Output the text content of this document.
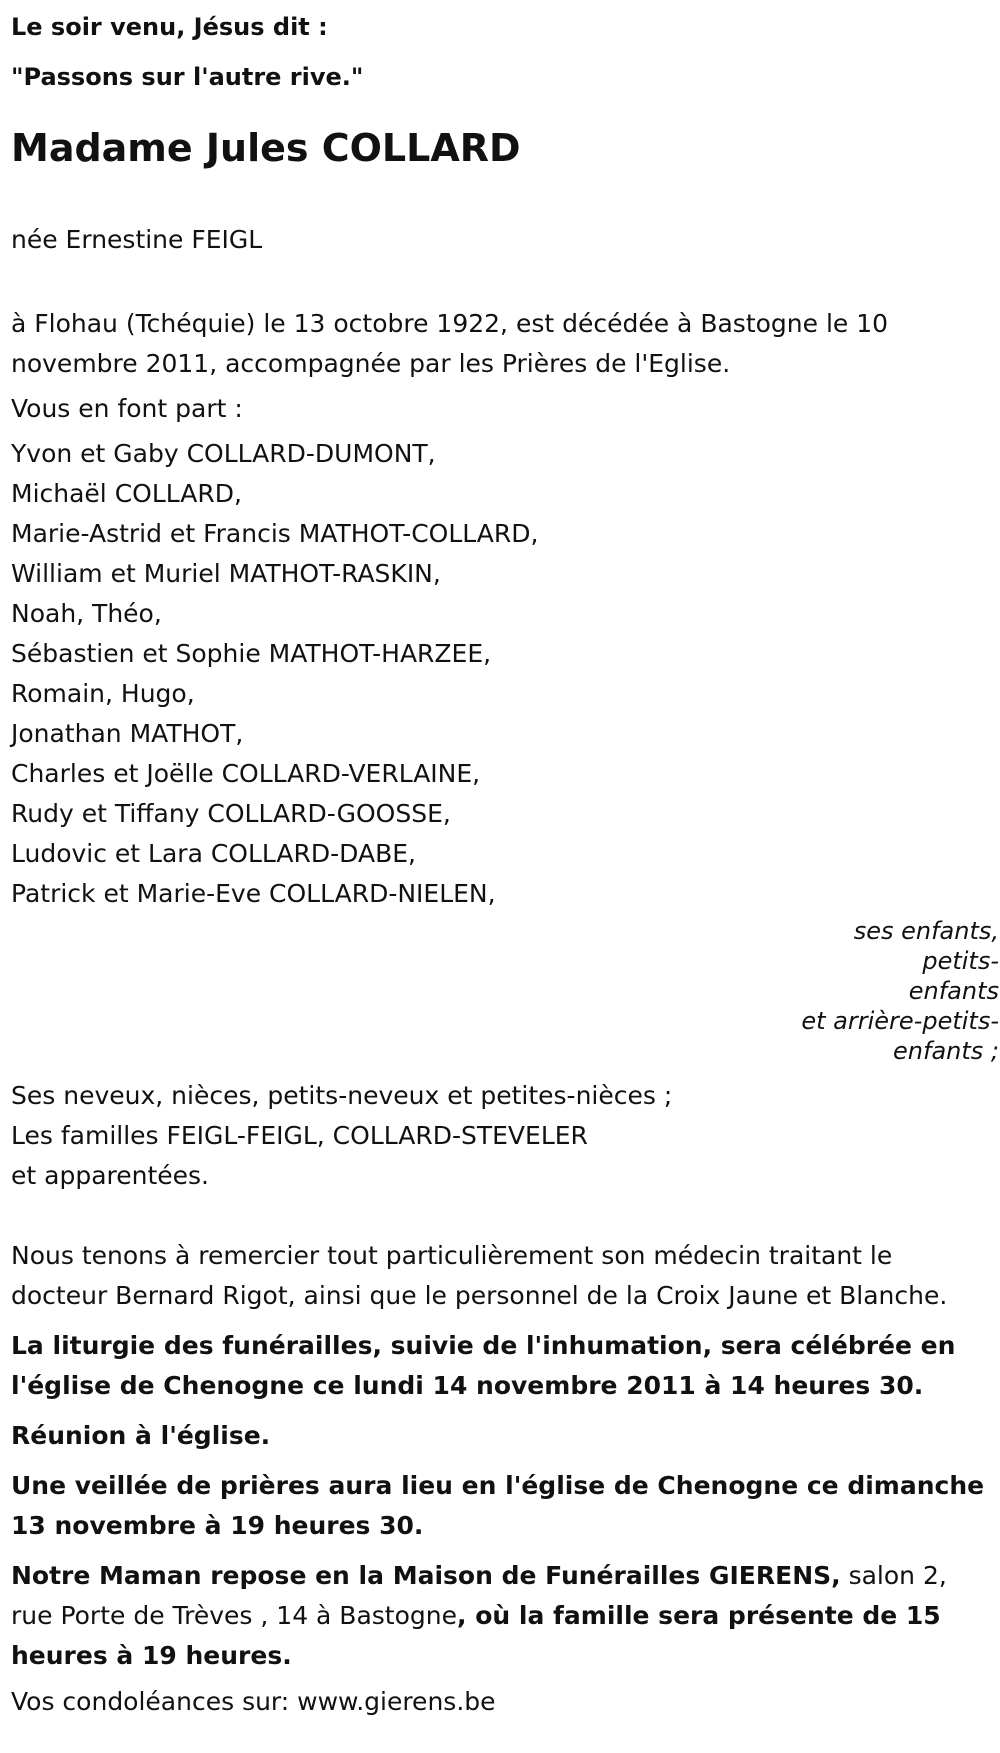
Le soir venu, Jésus dit :

"Passons sur l'autre rive."

Madame Jules COLLARD

née Ernestine FEIGL

à Flohau (Tchéquie) le 13 octobre 1922, est décédée à Bastogne le 10 novembre 2011, accompagnée par les Prières de l'Eglise.

Vous en font part :

Yvon et Gaby COLLARD-DUMONT,
Michaël COLLARD,
Marie-Astrid et Francis MATHOT-COLLARD,
William et Muriel MATHOT-RASKIN,
Noah, Théo,
Sébastien et Sophie MATHOT-HARZEE,
Romain, Hugo,
Jonathan MATHOT,
Charles et Joëlle COLLARD-VERLAINE,
Rudy et Tiffany COLLARD-GOOSSE,
Ludovic et Lara COLLARD-DABE,
Patrick et Marie-Eve COLLARD-NIELEN,
ses enfants, petits-
enfants
et arrière-petits-
enfants ;
Ses neveux, nièces, petits-neveux et petites-nièces ;
Les familles FEIGL-FEIGL, COLLARD-STEVELER
et apparentées.

Nous tenons à remercier tout particulièrement son médecin traitant le docteur Bernard Rigot, ainsi que le personnel de la Croix Jaune et Blanche.

La liturgie des funérailles, suivie de l'inhumation, sera célébrée en l'église de Chenogne ce lundi 14 novembre 2011 à 14 heures 30.

Réunion à l'église.

Une veillée de prières aura lieu en l'église de Chenogne ce dimanche 13 novembre à 19 heures 30.

Notre Maman repose en la Maison de Funérailles GIERENS, salon 2, rue Porte de Trèves , 14 à Bastogne, où la famille sera présente de 15 heures à 19 heures.

Vos condoléances sur: www.gierens.be
